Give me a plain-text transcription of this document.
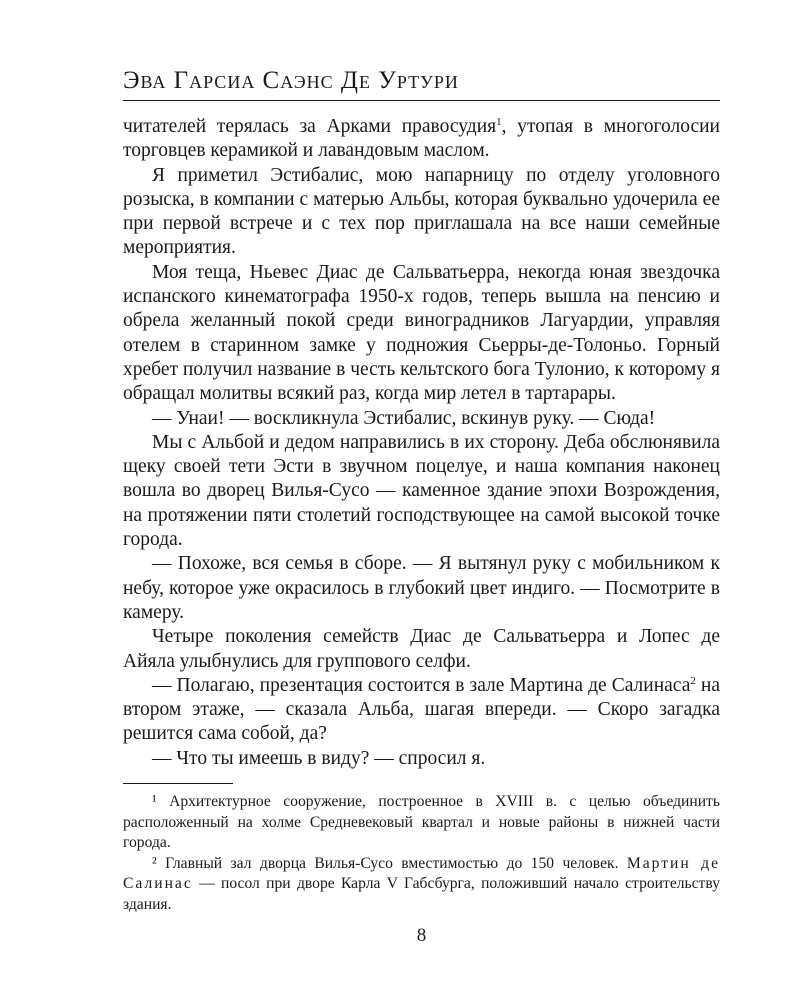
Эва Гарсиа Саэнс Де Уртури

читателей терялась за Арками правосудия$^1$, утопая в многоголосии торговцев керамикой и лавандовым маслом.

Я приметил Эстибалис, мою напарницу по отделу уголовного розыска, в компании с матерью Альбы, которая буквально удочерила ее при первой встрече и с тех пор приглашала на все наши семейные мероприятия.

Моя теща, Ньевес Диас де Сальватьерра, некогда юная звездочка испанского кинематографа 1950-х годов, теперь вышла на пенсию и обрела желанный покой среди виноградников Лагуардии, управляя отелем в старинном замке у подножия Сьерры-де-Толоньо. Горный хребет получил название в честь кельтского бога Тулонио, к которому я обращал молитвы всякий раз, когда мир летел в тартарары.

— Унаи! — воскликнула Эстибалис, вскинув руку. — Сюда!

Мы с Альбой и дедом направились в их сторону. Деба обслюнявила щеку своей тети Эсти в звучном поцелуе, и наша компания наконец вошла во дворец Вилья-Сусо — каменное здание эпохи Возрождения, на протяжении пяти столетий господствующее на самой высокой точке города.

— Похоже, вся семья в сборе. — Я вытянул руку с мобильником к небу, которое уже окрасилось в глубокий цвет индиго. — Посмотрите в камеру.

Четыре поколения семейств Диас де Сальватьерра и Лопес де Айяла улыбнулись для группового селфи.

— Полагаю, презентация состоится в зале Мартина де Салинаса$^2$ на втором этаже, — сказала Альба, шагая впереди. — Скоро загадка решится сама собой, да?

— Что ты имеешь в виду? — спросил я.

¹ Архитектурное сооружение, построенное в XVIII в. с целью объединить расположенный на холме Средневековый квартал и новые районы в нижней части города.

² Главный зал дворца Вилья-Сусо вместимостью до 150 человек. Мартин де Салинас — посол при дворе Карла V Габсбурга, положивший начало строительству здания.

8
